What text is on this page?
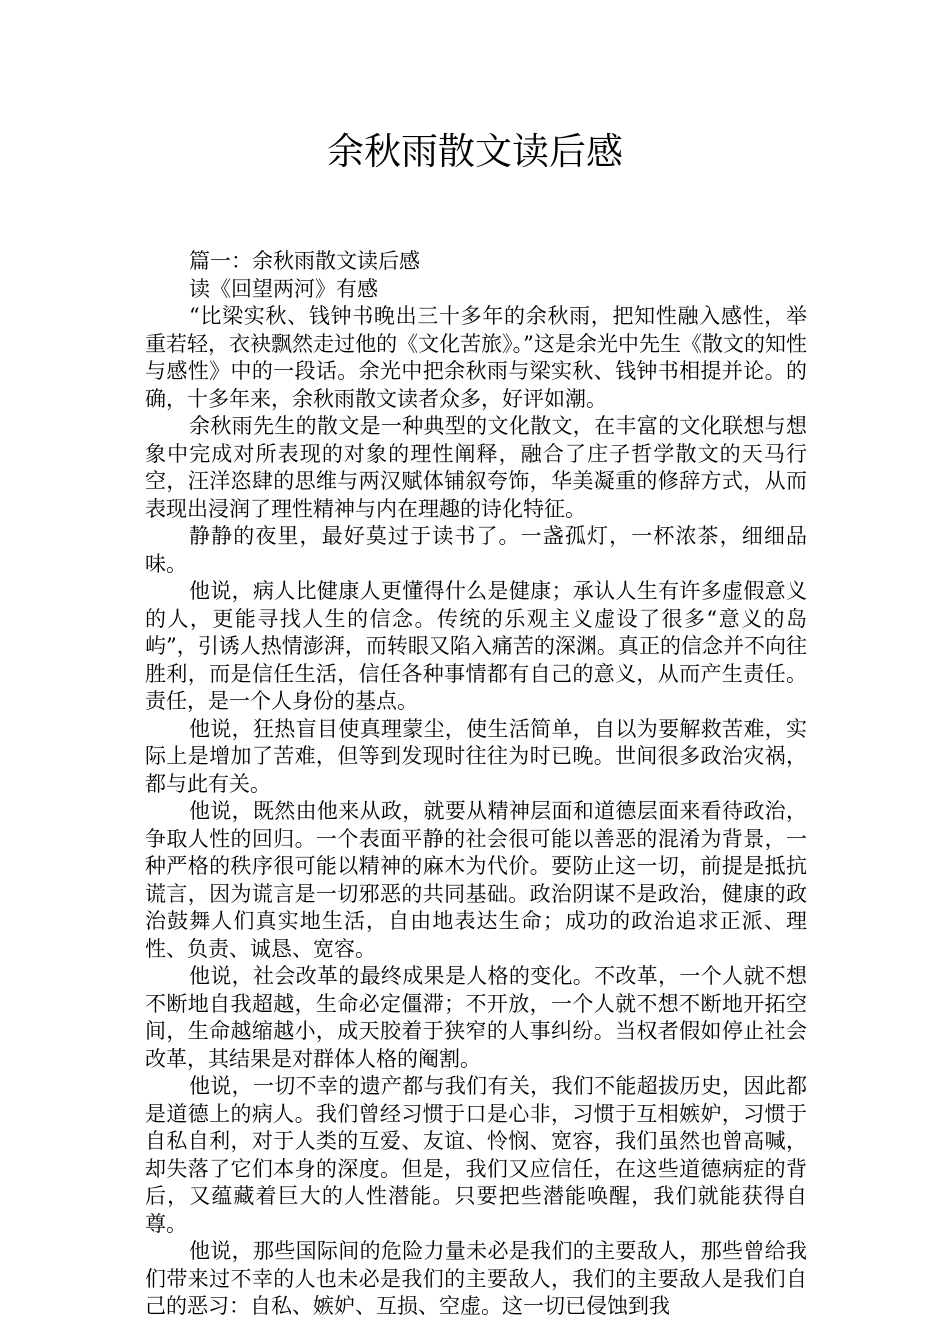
余秋雨散文读后感

篇一：余秋雨散文读后感

读《回望两河》有感

“比梁实秋、钱钟书晚出三十多年的余秋雨，把知性融入感性，举重若轻，衣袂飘然走过他的《文化苦旅》。”这是余光中先生《散文的知性与感性》中的一段话。余光中把余秋雨与梁实秋、钱钟书相提并论。的确，十多年来，余秋雨散文读者众多，好评如潮。

余秋雨先生的散文是一种典型的文化散文，在丰富的文化联想与想象中完成对所表现的对象的理性阐释，融合了庄子哲学散文的天马行空，汪洋恣肆的思维与两汉赋体铺叙夸饰，华美凝重的修辞方式，从而表现出浸润了理性精神与内在理趣的诗化特征。

静静的夜里，最好莫过于读书了。一盏孤灯，一杯浓茶，细细品味。

他说，病人比健康人更懂得什么是健康；承认人生有许多虚假意义的人，更能寻找人生的信念。传统的乐观主义虚设了很多“意义的岛屿”，引诱人热情澎湃，而转眼又陷入痛苦的深渊。真正的信念并不向往胜利，而是信任生活，信任各种事情都有自己的意义，从而产生责任。责任，是一个人身份的基点。

他说，狂热盲目使真理蒙尘，使生活简单，自以为要解救苦难，实际上是增加了苦难，但等到发现时往往为时已晚。世间很多政治灾祸，都与此有关。

他说，既然由他来从政，就要从精神层面和道德层面来看待政治，争取人性的回归。一个表面平静的社会很可能以善恶的混淆为背景，一种严格的秩序很可能以精神的麻木为代价。要防止这一切，前提是抵抗谎言，因为谎言是一切邪恶的共同基础。政治阴谋不是政治，健康的政治鼓舞人们真实地生活，自由地表达生命；成功的政治追求正派、理性、负责、诚恳、宽容。

他说，社会改革的最终成果是人格的变化。不改革，一个人就不想不断地自我超越，生命必定僵滞；不开放，一个人就不想不断地开拓空间，生命越缩越小，成天胶着于狭窄的人事纠纷。当权者假如停止社会改革，其结果是对群体人格的阉割。

他说，一切不幸的遗产都与我们有关，我们不能超拔历史，因此都是道德上的病人。我们曾经习惯于口是心非，习惯于互相嫉妒，习惯于自私自利，对于人类的互爱、友谊、怜悯、宽容，我们虽然也曾高喊，却失落了它们本身的深度。但是，我们又应信任，在这些道德病症的背后，又蕴藏着巨大的人性潜能。只要把些潜能唤醒，我们就能获得自尊。

他说，那些国际间的危险力量未必是我们的主要敌人，那些曾给我们带来过不幸的人也未必是我们的主要敌人，我们的主要敌人是我们自己的恶习：自私、嫉妒、互损、空虚。这一切已侵蚀到我
